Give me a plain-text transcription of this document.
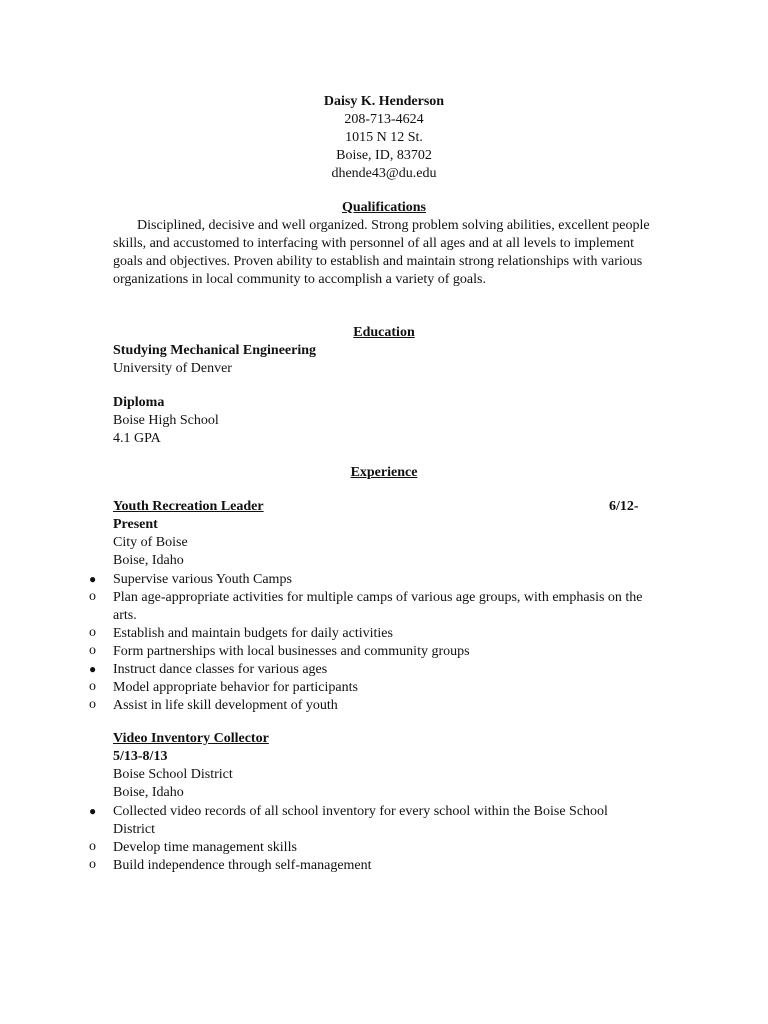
Daisy K. Henderson
208-713-4624
1015 N 12 St.
Boise, ID, 83702
dhende43@du.edu
Qualifications
Disciplined, decisive and well organized. Strong problem solving abilities, excellent people skills, and accustomed to interfacing with personnel of all ages and at all levels to implement goals and objectives. Proven ability to establish and maintain strong relationships with various organizations in local community to accomplish a variety of goals.
Education
Studying Mechanical Engineering
University of Denver
Diploma
Boise High School
4.1 GPA
Experience
Youth Recreation Leader	6/12-
Present
City of Boise
Boise, Idaho
●	Supervise various Youth Camps
o	Plan age-appropriate activities for multiple camps of various age groups, with emphasis on the arts.
o	Establish and maintain budgets for daily activities
o	Form partnerships with local businesses and community groups
●	Instruct dance classes for various ages
o	Model appropriate behavior for participants
o	Assist in life skill development of youth
Video Inventory Collector
5/13-8/13
Boise School District
Boise, Idaho
●	Collected video records of all school inventory for every school within the Boise School District
o	Develop time management skills
o	Build independence through self-management
